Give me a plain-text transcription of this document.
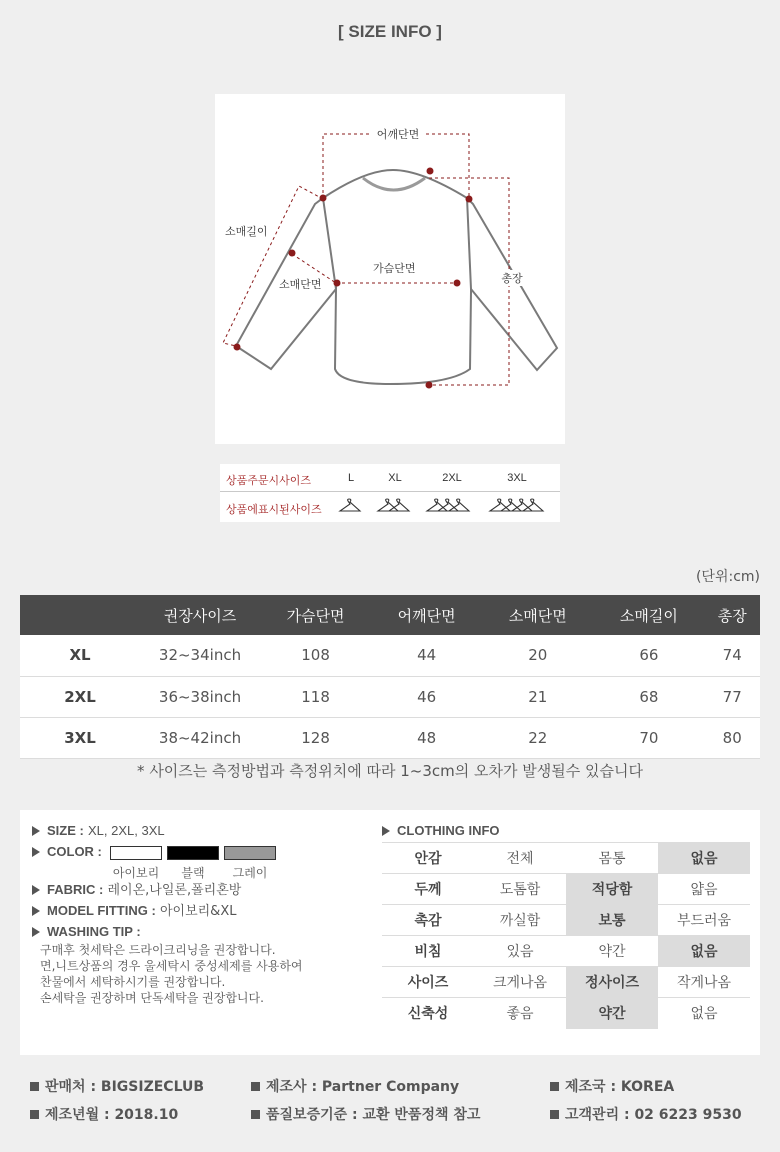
[ SIZE INFO ]
어깨단면
소매길이
가슴단면
소매단면	총장
상품주문시사이즈	L	XL	2XL	3XL
상품에표시된사이즈
(단위:cm)
	권장사이즈	가슴단면	어깨단면	소매단면	소매길이	총장
XL	32~34inch	108	44	20	66	74
2XL	36~38inch	118	46	21	68	77
3XL	38~42inch	128	48	22	70	80
* 사이즈는 측정방법과 측정위치에 따라 1~3cm의 오차가 발생될수 있습니다
SIZE : XL, 2XL, 3XL
COLOR :
아이보리	블랙	그레이
FABRIC : 레이온,나일론,폴리혼방
MODEL FITTING : 아이보리&XL
WASHING TIP :
구매후 첫세탁은 드라이크리닝을 권장합니다.
면,니트상품의 경우 울세탁시 중성세제를 사용하여
찬물에서 세탁하시기를 권장합니다.
손세탁을 권장하며 단독세탁을 권장합니다.
CLOTHING INFO
안감	전체	몸통	없음
두께	도톰함	적당함	얇음
촉감	까실함	보통	부드러움
비침	있음	약간	없음
사이즈	크게나옴	정사이즈	작게나옴
신축성	좋음	약간	없음
판매처 : BIGSIZECLUB	제조사 : Partner Company	제조국 : KOREA
제조년월 : 2018.10	품질보증기준 : 교환 반품정책 참고	고객관리 : 02 6223 9530
